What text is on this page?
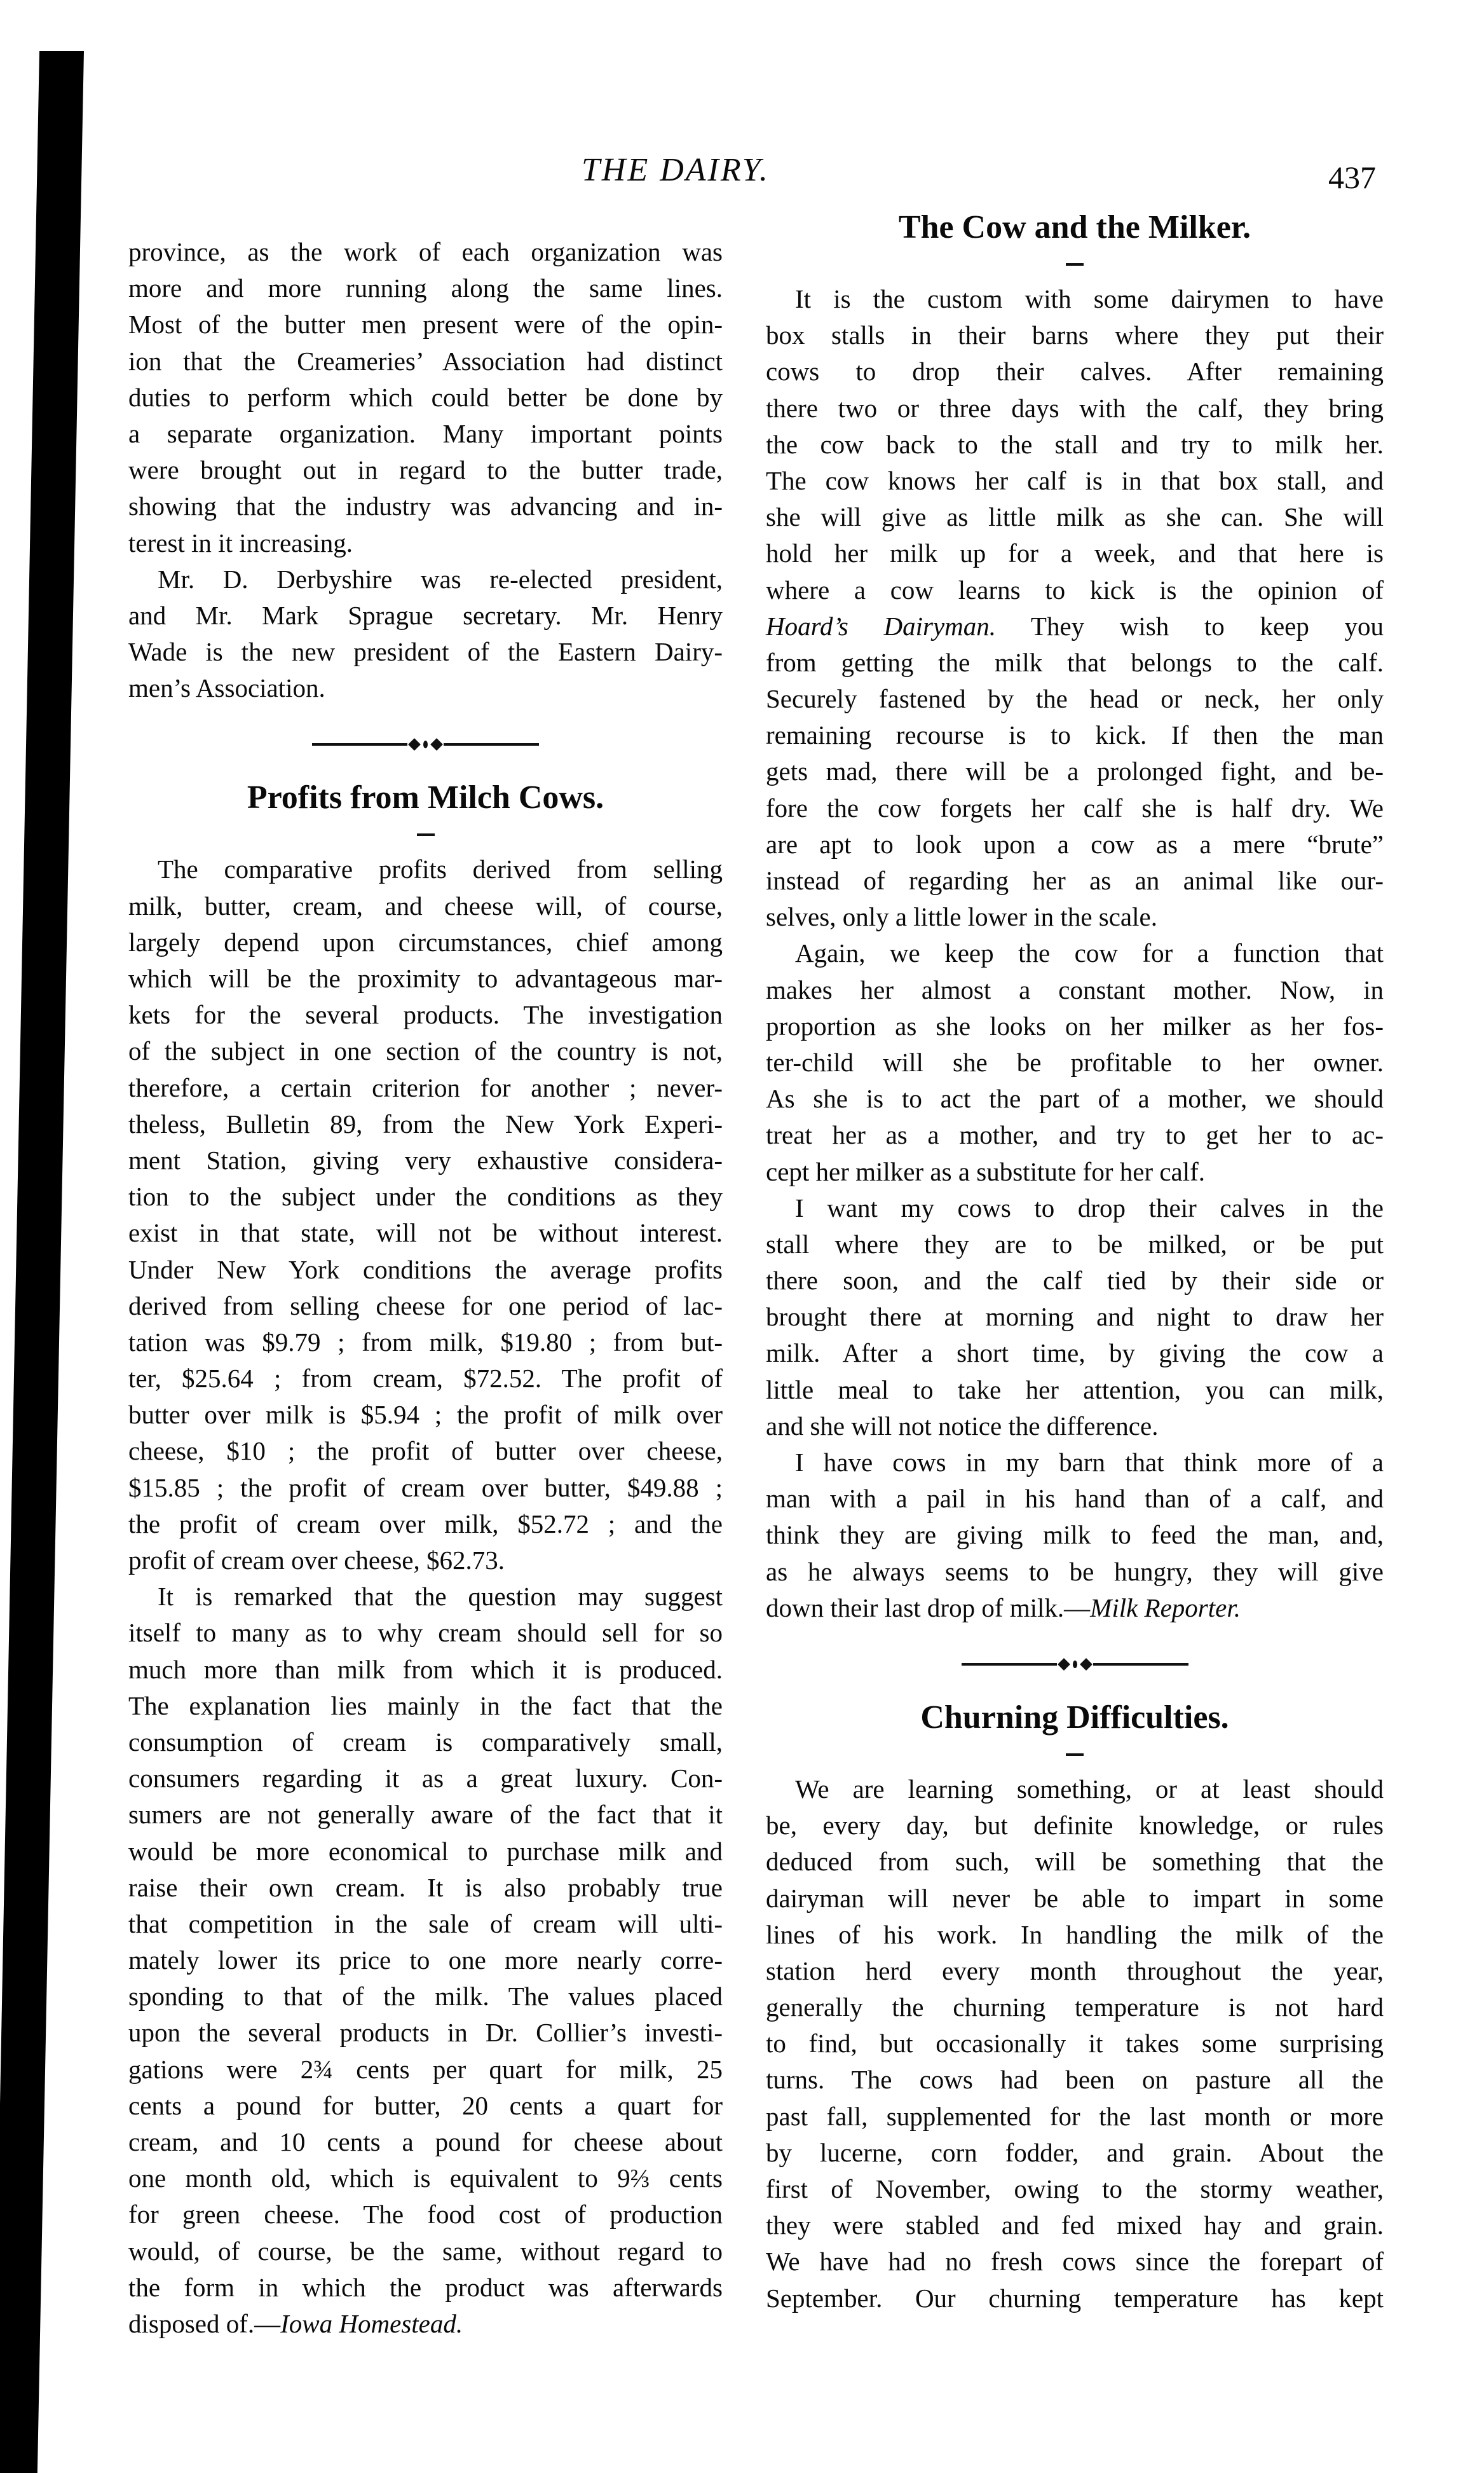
THE DAIRY.	437
province, as the work of each organization was
more and more running along the same lines.
Most of the butter men present were of the opin-
ion that the Creameries’ Association had distinct
duties to perform which could better be done by
a separate organization. Many important points
were brought out in regard to the butter trade,
showing that the industry was advancing and in-
terest in it increasing.
Mr. D. Derbyshire was re-elected president,
and Mr. Mark Sprague secretary. Mr. Henry
Wade is the new president of the Eastern Dairy-
men’s Association.
Profits from Milch Cows.
The comparative profits derived from selling
milk, butter, cream, and cheese will, of course,
largely depend upon circumstances, chief among
which will be the proximity to advantageous mar-
kets for the several products. The investigation
of the subject in one section of the country is not,
therefore, a certain criterion for another ; never-
theless, Bulletin 89, from the New York Experi-
ment Station, giving very exhaustive considera-
tion to the subject under the conditions as they
exist in that state, will not be without interest.
Under New York conditions the average profits
derived from selling cheese for one period of lac-
tation was $9.79 ; from milk, $19.80 ; from but-
ter, $25.64 ; from cream, $72.52. The profit of
butter over milk is $5.94 ; the profit of milk over
cheese, $10 ; the profit of butter over cheese,
$15.85 ; the profit of cream over butter, $49.88 ;
the profit of cream over milk, $52.72 ; and the
profit of cream over cheese, $62.73.
It is remarked that the question may suggest
itself to many as to why cream should sell for so
much more than milk from which it is produced.
The explanation lies mainly in the fact that the
consumption of cream is comparatively small,
consumers regarding it as a great luxury. Con-
sumers are not generally aware of the fact that it
would be more economical to purchase milk and
raise their own cream. It is also probably true
that competition in the sale of cream will ulti-
mately lower its price to one more nearly corre-
sponding to that of the milk. The values placed
upon the several products in Dr. Collier’s investi-
gations were 2¾ cents per quart for milk, 25
cents a pound for butter, 20 cents a quart for
cream, and 10 cents a pound for cheese about
one month old, which is equivalent to 9⅔ cents
for green cheese. The food cost of production
would, of course, be the same, without regard to
the form in which the product was afterwards
disposed of.—Iowa Homestead.
The Cow and the Milker.
It is the custom with some dairymen to have
box stalls in their barns where they put their
cows to drop their calves. After remaining
there two or three days with the calf, they bring
the cow back to the stall and try to milk her.
The cow knows her calf is in that box stall, and
she will give as little milk as she can. She will
hold her milk up for a week, and that here is
where a cow learns to kick is the opinion of
Hoard’s Dairyman. They wish to keep you
from getting the milk that belongs to the calf.
Securely fastened by the head or neck, her only
remaining recourse is to kick. If then the man
gets mad, there will be a prolonged fight, and be-
fore the cow forgets her calf she is half dry. We
are apt to look upon a cow as a mere “brute”
instead of regarding her as an animal like our-
selves, only a little lower in the scale.
Again, we keep the cow for a function that
makes her almost a constant mother. Now, in
proportion as she looks on her milker as her fos-
ter-child will she be profitable to her owner.
As she is to act the part of a mother, we should
treat her as a mother, and try to get her to ac-
cept her milker as a substitute for her calf.
I want my cows to drop their calves in the
stall where they are to be milked, or be put
there soon, and the calf tied by their side or
brought there at morning and night to draw her
milk. After a short time, by giving the cow a
little meal to take her attention, you can milk,
and she will not notice the difference.
I have cows in my barn that think more of a
man with a pail in his hand than of a calf, and
think they are giving milk to feed the man, and,
as he always seems to be hungry, they will give
down their last drop of milk.—Milk Reporter.
Churning Difficulties.
We are learning something, or at least should
be, every day, but definite knowledge, or rules
deduced from such, will be something that the
dairyman will never be able to impart in some
lines of his work. In handling the milk of the
station herd every month throughout the year,
generally the churning temperature is not hard
to find, but occasionally it takes some surprising
turns. The cows had been on pasture all the
past fall, supplemented for the last month or more
by lucerne, corn fodder, and grain. About the
first of November, owing to the stormy weather,
they were stabled and fed mixed hay and grain.
We have had no fresh cows since the forepart of
September. Our churning temperature has kept
